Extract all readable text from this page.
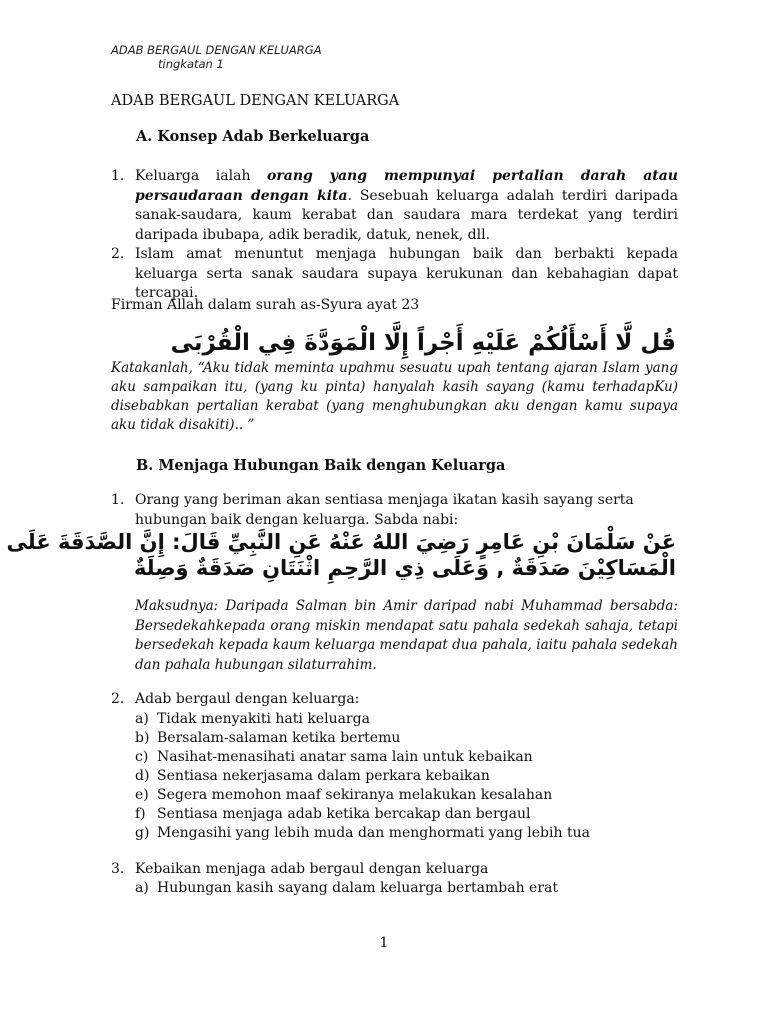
ADAB BERGAUL DENGAN KELUARGA
tingkatan 1
ADAB BERGAUL DENGAN KELUARGA
A. Konsep Adab Berkeluarga
1. Keluarga ialah orang yang mempunyai pertalian darah atau persaudaraan dengan kita. Sesebuah keluarga adalah terdiri daripada sanak-saudara, kaum kerabat dan saudara mara terdekat yang terdiri daripada ibubapa, adik beradik, datuk, nenek, dll.
2. Islam amat menuntut menjaga hubungan baik dan berbakti kepada keluarga serta sanak saudara supaya kerukunan dan kebahagian dapat tercapai.
Firman Allah dalam surah as-Syura ayat 23
قُل لَّا أَسْأَلُكُمْ عَلَيْهِ أَجْراً إِلَّا الْمَوَدَّةَ فِي الْقُرْبَى
Katakanlah, “Aku tidak meminta upahmu sesuatu upah tentang ajaran Islam yang aku sampaikan itu, (yang ku pinta) hanyalah kasih sayang (kamu terhadapKu) disebabkan pertalian kerabat (yang menghubungkan aku dengan kamu supaya aku tidak disakiti).. ”
B. Menjaga Hubungan Baik dengan Keluarga
1. Orang yang beriman akan sentiasa menjaga ikatan kasih sayang serta hubungan baik dengan keluarga. Sabda nabi:
عَنْ سَلْمَانَ بْنِ عَامِرٍ رَضِيَ اللهُ عَنْهُ عَنِ النَّبِيِّ قَالَ: إِنَّ الصَّدَقَةَ عَلَى
الْمَسَاكِيْنَ صَدَقَةٌ , وَعَلَى ذِي الرَّحِمِ اثْنَتَانِ صَدَقَةٌ وَصِلَةٌ
Maksudnya: Daripada Salman bin Amir daripad nabi Muhammad bersabda: Bersedekahkepada orang miskin mendapat satu pahala sedekah sahaja, tetapi bersedekah kepada kaum keluarga mendapat dua pahala, iaitu pahala sedekah dan pahala hubungan silaturrahim.
2. Adab bergaul dengan keluarga:
a) Tidak menyakiti hati keluarga
b) Bersalam-salaman ketika bertemu
c) Nasihat-menasihati anatar sama lain untuk kebaikan
d) Sentiasa nekerjasama dalam perkara kebaikan
e) Segera memohon maaf sekiranya melakukan kesalahan
f) Sentiasa menjaga adab ketika bercakap dan bergaul
g) Mengasihi yang lebih muda dan menghormati yang lebih tua
3. Kebaikan menjaga adab bergaul dengan keluarga
a) Hubungan kasih sayang dalam keluarga bertambah erat
1
